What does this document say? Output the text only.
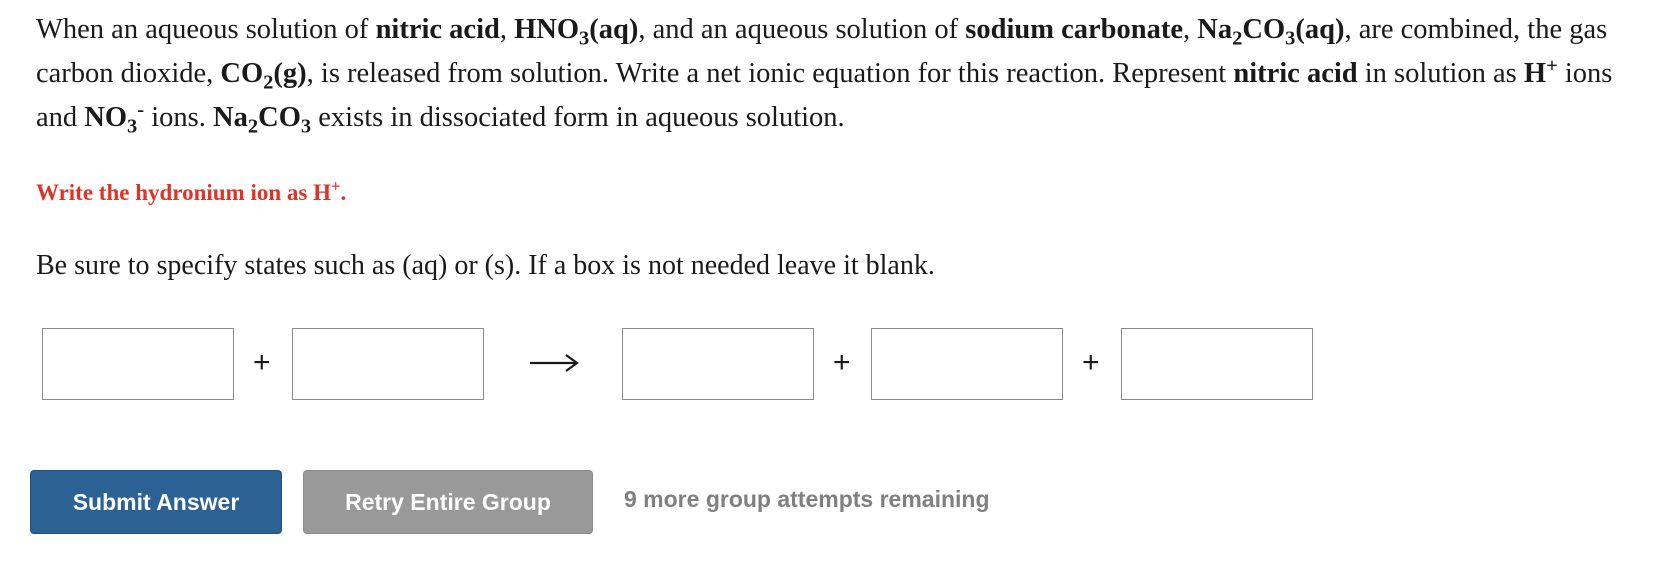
When an aqueous solution of nitric acid, $HNO_3(aq)$, and an aqueous solution of sodium carbonate, $Na_2CO_3(aq)$, are combined, the gas carbon dioxide, $CO_2(g)$, is released from solution. Write a net ionic equation for this reaction. Represent nitric acid in solution as H+ ions and $NO_3^-$ ions. $Na_2CO_3$ exists in dissociated form in aqueous solution.

Write the hydronium ion as H+.

Be sure to specify states such as (aq) or (s). If a box is not needed leave it blank.

+	+	+
Submit Answer	Retry Entire Group	9 more group attempts remaining
